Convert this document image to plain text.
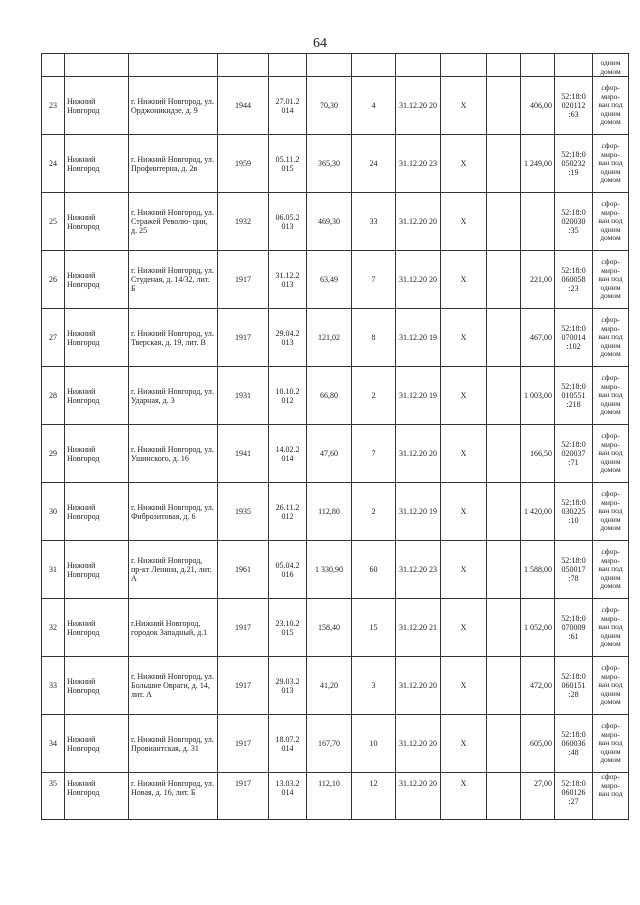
64
												одним домом
23	Нижний Новгород	г. Нижний Новгород, ул. Орджоникидзе, д. 9	1944	27.01.2 014	70,30	4	31.12.20 20	Х		406,00	52:18:0 020112 :63	сфор- миро- ван под одним домом
24	Нижний Новгород	г. Нижний Новгород, ул. Профинтерна, д. 2в	1959	05.11.2 015	365,30	24	31.12.20 23	Х		1 249,00	52:18:0 050232 :19	сфор- миро- ван под одним домом
25	Нижний Новгород	г. Нижний Новгород, ул. Стражей Револю- ции, д. 25	1932	06.05.2 013	469,30	33	31.12.20 20	Х			52:18:0 020030 :35	сфор- миро- ван под одним домом
26	Нижний Новгород	г. Нижний Новгород, ул. Студеная, д. 14/32, лит. Б	1917	31.12.2 013	63,49	7	31.12.20 20	Х		221,00	52:18:0 060058 :23	сфор- миро- ван под одним домом
27	Нижний Новгород	г. Нижний Новгород, ул. Тверская, д. 19, лит. В	1917	29.04.2 013	121,02	8	31.12.20 19	Х		467,00	52:18:0 070014 :102	сфор- миро- ван под одним домом
28	Нижний Новгород	г. Нижний Новгород, ул. Ударная, д. 3	1931	10.10.2 012	66,80	2	31.12.20 19	Х		1 003,00	52:18:0 010551 :218	сфор- миро- ван под одним домом
29	Нижний Новгород	г. Нижний Новгород, ул. Ушинского, д. 16	1941	14.02.2 014	47,60	7	31.12.20 20	Х		166,50	52:18:0 020037 :71	сфор- миро- ван под одним домом
30	Нижний Новгород	г. Нижний Новгород, ул. Фиброзитовая, д. 6	1935	26.11.2 012	112,80	2	31.12.20 19	Х		1 420,00	52:18:0 030225 :10	сфор- миро- ван под одним домом
31	Нижний Новгород	г. Нижний Новгород, пр-кт Ленина, д.21, лит. А	1961	05.04.2 016	1 330,90	60	31.12.20 23	Х		1 588,00	52:18:0 050017 :78	сфор- миро- ван под одним домом
32	Нижний Новгород	г.Нижний Новгород, городок Западный, д.1	1917	23.10.2 015	158,40	15	31.12.20 21	Х		1 052,00	52:18:0 070009 :61	сфор- миро- ван под одним домом
33	Нижний Новгород	г. Нижний Новгород, ул. Большие Овраги, д. 14, лит. А	1917	29.03.2 013	41,20	3	31.12.20 20	Х		472,00	52:18:0 060151 :28	сфор- миро- ван под одним домом
34	Нижний Новгород	г. Нижний Новгород, ул. Провиантская, д. 31	1917	18.07.2 014	167,70	10	31.12.20 20	Х		605,00	52:18:0 060036 :48	сфор- миро- ван под одним домом
35	Нижний Новгород	г. Нижний Новгород, ул. Новая, д. 16, лит. Б	1917	13.03.2 014	112,10	12	31.12.20 20	Х		27,00	52:18:0 060126 :27	сфор- миро- ван под
